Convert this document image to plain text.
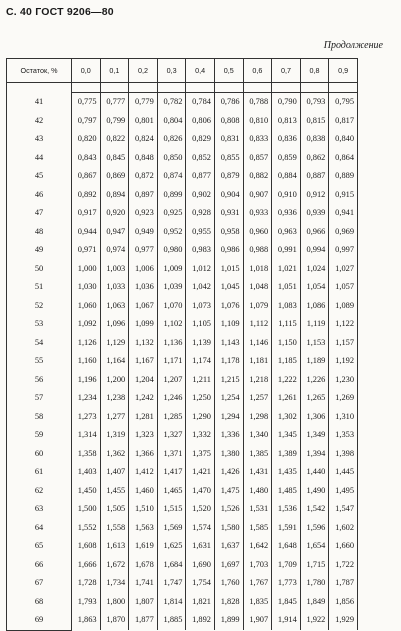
С. 40 ГОСТ 9206—80
Продолжение
Остаток, %	0,0	0,1	0,2	0,3	0,4	0,5	0,6	0,7	0,8	0,9

41	0,775	0,777	0,779	0,782	0,784	0,786	0,788	0,790	0,793	0,795
42	0,797	0,799	0,801	0,804	0,806	0,808	0,810	0,813	0,815	0,817
43	0,820	0,822	0,824	0,826	0,829	0,831	0,833	0,836	0,838	0,840
44	0,843	0,845	0,848	0,850	0,852	0,855	0,857	0,859	0,862	0,864
45	0,867	0,869	0,872	0,874	0,877	0,879	0,882	0,884	0,887	0,889
46	0,892	0,894	0,897	0,899	0,902	0,904	0,907	0,910	0,912	0,915
47	0,917	0,920	0,923	0,925	0,928	0,931	0,933	0,936	0,939	0,941
48	0,944	0,947	0,949	0,952	0,955	0,958	0,960	0,963	0,966	0,969
49	0,971	0,974	0,977	0,980	0,983	0,986	0,988	0,991	0,994	0,997
50	1,000	1,003	1,006	1,009	1,012	1,015	1,018	1,021	1,024	1,027
51	1,030	1,033	1,036	1,039	1,042	1,045	1,048	1,051	1,054	1,057
52	1,060	1,063	1,067	1,070	1,073	1,076	1,079	1,083	1,086	1,089
53	1,092	1,096	1,099	1,102	1,105	1,109	1,112	1,115	1,119	1,122
54	1,126	1,129	1,132	1,136	1,139	1,143	1,146	1,150	1,153	1,157
55	1,160	1,164	1,167	1,171	1,174	1,178	1,181	1,185	1,189	1,192
56	1,196	1,200	1,204	1,207	1,211	1,215	1,218	1,222	1,226	1,230
57	1,234	1,238	1,242	1,246	1,250	1,254	1,257	1,261	1,265	1,269
58	1,273	1,277	1,281	1,285	1,290	1,294	1,298	1,302	1,306	1,310
59	1,314	1,319	1,323	1,327	1,332	1,336	1,340	1,345	1,349	1,353
60	1,358	1,362	1,366	1,371	1,375	1,380	1,385	1,389	1,394	1,398
61	1,403	1,407	1,412	1,417	1,421	1,426	1,431	1,435	1,440	1,445
62	1,450	1,455	1,460	1,465	1,470	1,475	1,480	1,485	1,490	1,495
63	1,500	1,505	1,510	1,515	1,520	1,526	1,531	1,536	1,542	1,547
64	1,552	1,558	1,563	1,569	1,574	1,580	1,585	1,591	1,596	1,602
65	1,608	1,613	1,619	1,625	1,631	1,637	1,642	1,648	1,654	1,660
66	1,666	1,672	1,678	1,684	1,690	1,697	1,703	1,709	1,715	1,722
67	1,728	1,734	1,741	1,747	1,754	1,760	1,767	1,773	1,780	1,787
68	1,793	1,800	1,807	1,814	1,821	1,828	1,835	1,845	1,849	1,856
69	1,863	1,870	1,877	1,885	1,892	1,899	1,907	1,914	1,922	1,929
